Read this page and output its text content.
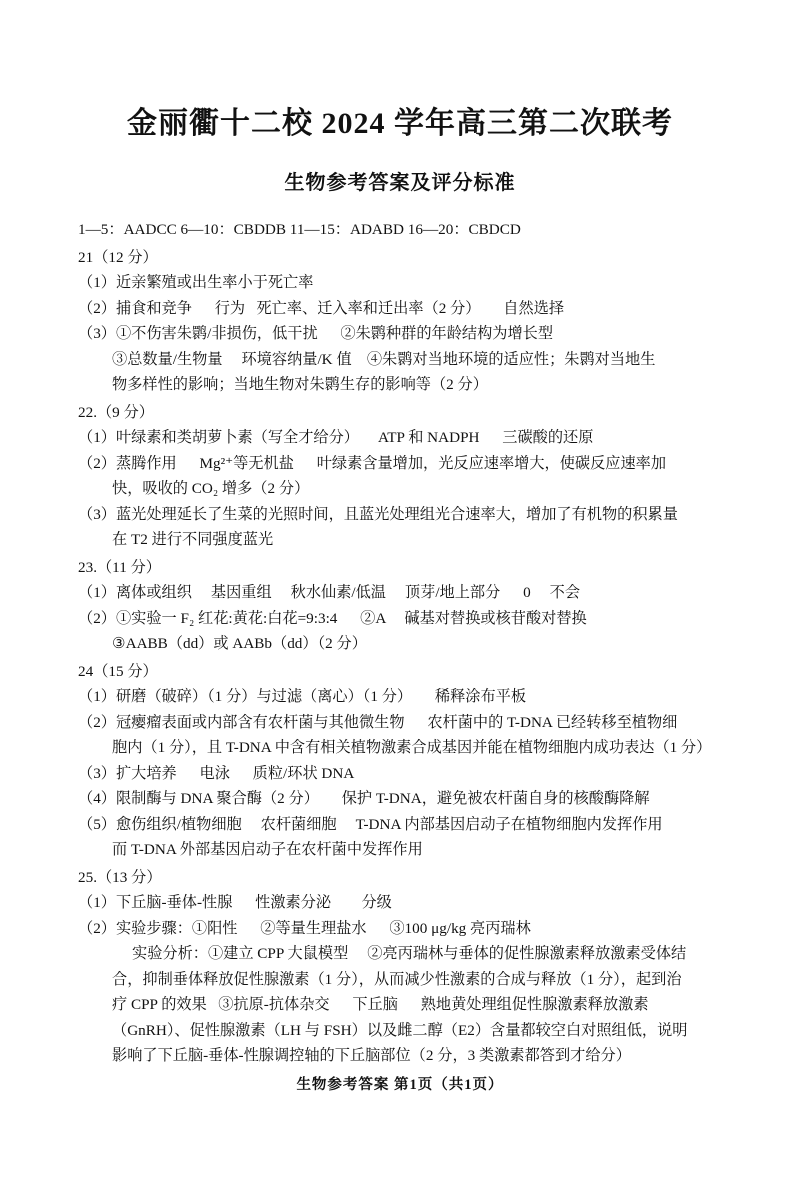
金丽衢十二校 2024 学年高三第二次联考
生物参考答案及评分标准

1—5：AADCC 6—10：CBDDB 11—15：ADABD 16—20：CBDCD

21（12 分）

（1）近亲繁殖或出生率小于死亡率

（2）捕食和竞争      行为   死亡率、迁入率和迁出率（2 分）      自然选择

（3）①不伤害朱鹮/非损伤，低干扰      ②朱鹮种群的年龄结构为增长型

③总数量/生物量     环境容纳量/K 值    ④朱鹮对当地环境的适应性；朱鹮对当地生

物多样性的影响；当地生物对朱鹮生存的影响等（2 分）

22.（9 分）

（1）叶绿素和类胡萝卜素（写全才给分）     ATP 和 NADPH      三碳酸的还原

（2）蒸腾作用      Mg²⁺等无机盐      叶绿素含量增加，光反应速率增大，使碳反应速率加

快，吸收的 CO₂ 增多（2 分）

（3）蓝光处理延长了生菜的光照时间，且蓝光处理组光合速率大，增加了有机物的积累量

在 T2 进行不同强度蓝光

23.（11 分）

（1）离体或组织     基因重组     秋水仙素/低温     顶芽/地上部分      0     不会

（2）①实验一 F₂ 红花:黄花:白花=9:3:4      ②A     碱基对替换或核苷酸对替换

③AABB（dd）或 AABb（dd）（2 分）

24（15 分）

（1）研磨（破碎）（1 分）与过滤（离心）（1 分）      稀释涂布平板

（2）冠瘿瘤表面或内部含有农杆菌与其他微生物      农杆菌中的 T-DNA 已经转移至植物细

胞内（1 分），且 T-DNA 中含有相关植物激素合成基因并能在植物细胞内成功表达（1 分）

（3）扩大培养      电泳      质粒/环状 DNA

（4）限制酶与 DNA 聚合酶（2 分）      保护 T-DNA，避免被农杆菌自身的核酸酶降解

（5）愈伤组织/植物细胞     农杆菌细胞     T-DNA 内部基因启动子在植物细胞内发挥作用

而 T-DNA 外部基因启动子在农杆菌中发挥作用

25.（13 分）

（1）下丘脑-垂体-性腺      性激素分泌        分级

（2）实验步骤：①阳性      ②等量生理盐水      ③100 μg/kg 亮丙瑞林

实验分析：①建立 CPP 大鼠模型     ②亮丙瑞林与垂体的促性腺激素释放激素受体结

合，抑制垂体释放促性腺激素（1 分），从而减少性激素的合成与释放（1 分），起到治

疗 CPP 的效果   ③抗原-抗体杂交      下丘脑      熟地黄处理组促性腺激素释放激素

（GnRH）、促性腺激素（LH 与 FSH）以及雌二醇（E2）含量都较空白对照组低，说明

影响了下丘脑-垂体-性腺调控轴的下丘脑部位（2 分，3 类激素都答到才给分）

生物参考答案 第1页（共1页）
